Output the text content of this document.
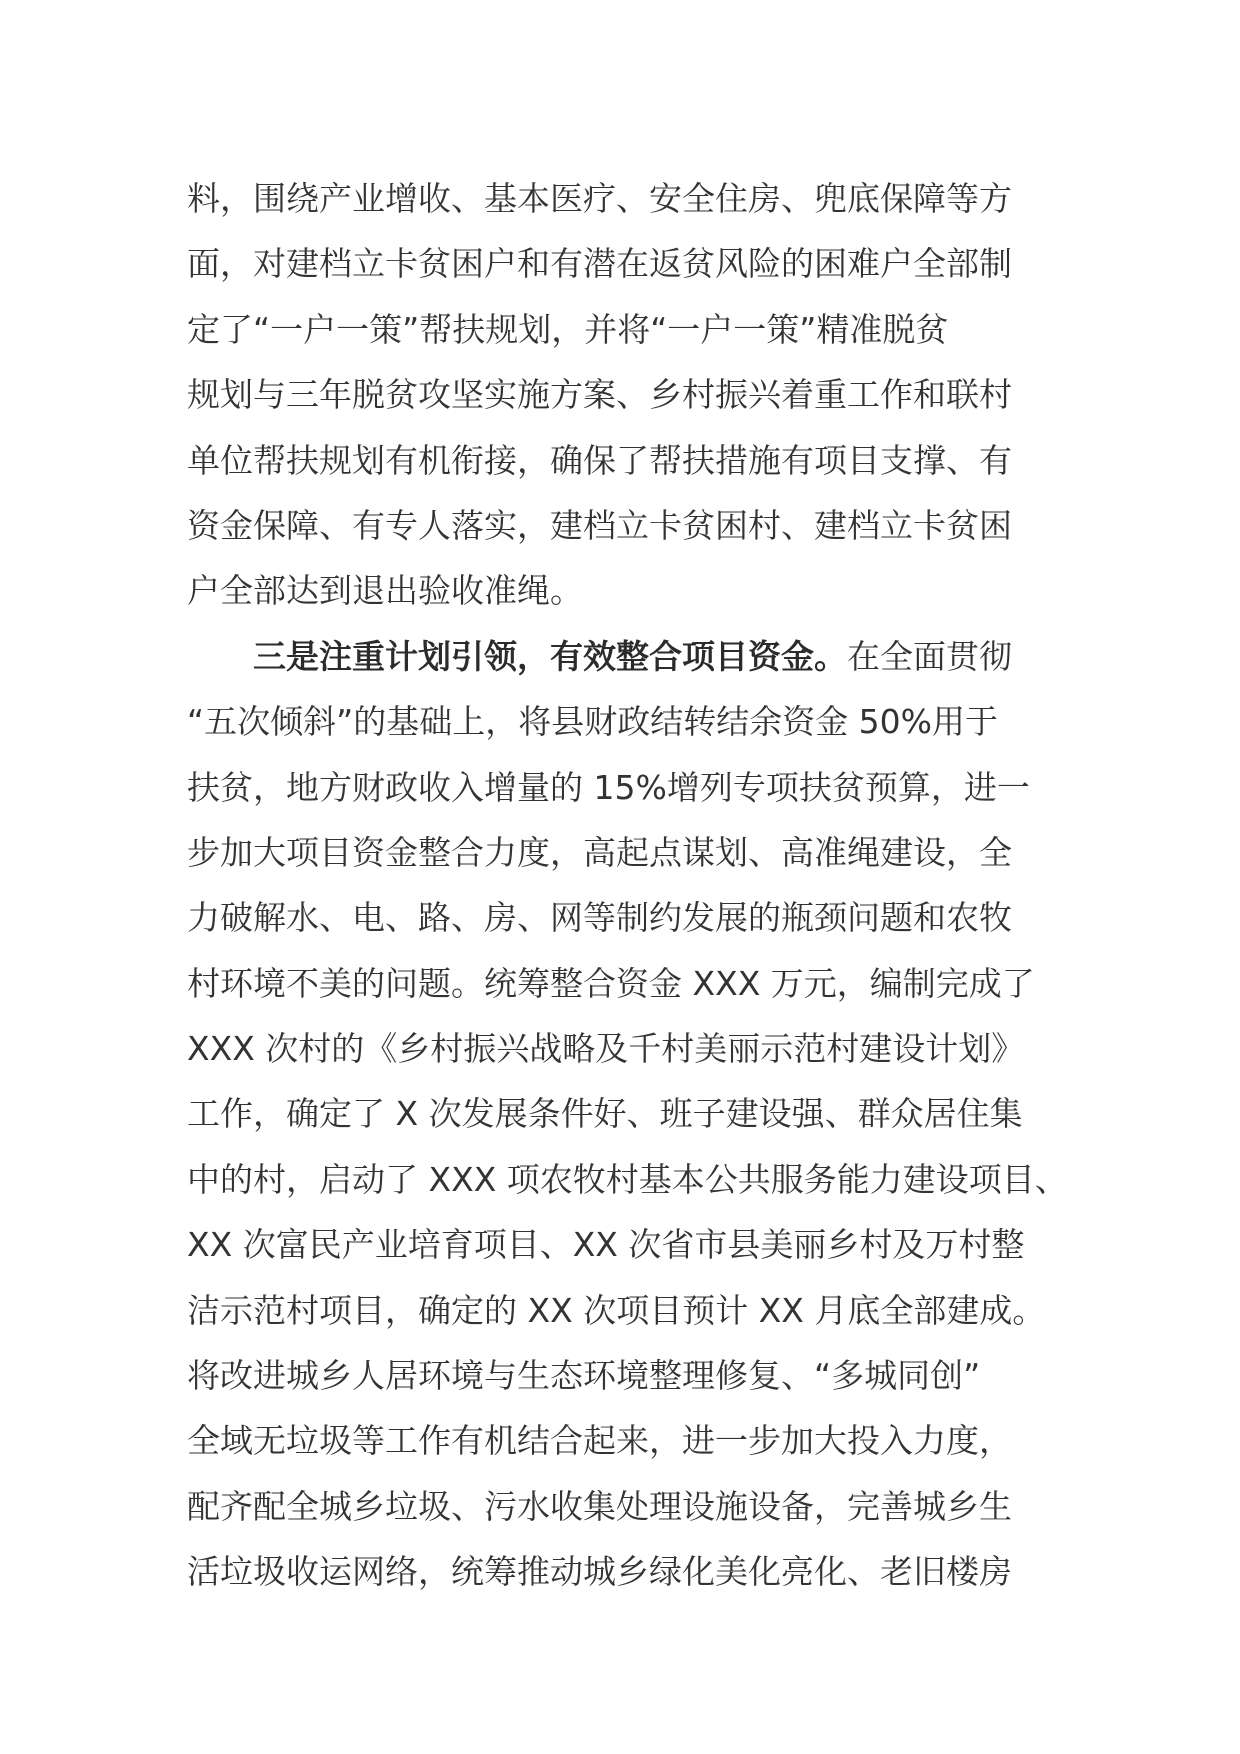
料，围绕产业增收、基本医疗、安全住房、兜底保障等方
面，对建档立卡贫困户和有潜在返贫风险的困难户全部制
定了“一户一策”帮扶规划，并将“一户一策”精准脱贫
规划与三年脱贫攻坚实施方案、乡村振兴着重工作和联村
单位帮扶规划有机衔接，确保了帮扶措施有项目支撑、有
资金保障、有专人落实，建档立卡贫困村、建档立卡贫困
户全部达到退出验收准绳。
三是注重计划引领，有效整合项目资金。在全面贯彻
“五次倾斜”的基础上，将县财政结转结余资金 50%用于
扶贫，地方财政收入增量的 15%增列专项扶贫预算，进一
步加大项目资金整合力度，高起点谋划、高准绳建设，全
力破解水、电、路、房、网等制约发展的瓶颈问题和农牧
村环境不美的问题。统筹整合资金 XXX 万元，编制完成了
XXX 次村的《乡村振兴战略及千村美丽示范村建设计划》
工作，确定了 X 次发展条件好、班子建设强、群众居住集
中的村，启动了 XXX 项农牧村基本公共服务能力建设项目、
XX 次富民产业培育项目、XX 次省市县美丽乡村及万村整
洁示范村项目，确定的 XX 次项目预计 XX 月底全部建成。
将改进城乡人居环境与生态环境整理修复、“多城同创”
全域无垃圾等工作有机结合起来，进一步加大投入力度，
配齐配全城乡垃圾、污水收集处理设施设备，完善城乡生
活垃圾收运网络，统筹推动城乡绿化美化亮化、老旧楼房
